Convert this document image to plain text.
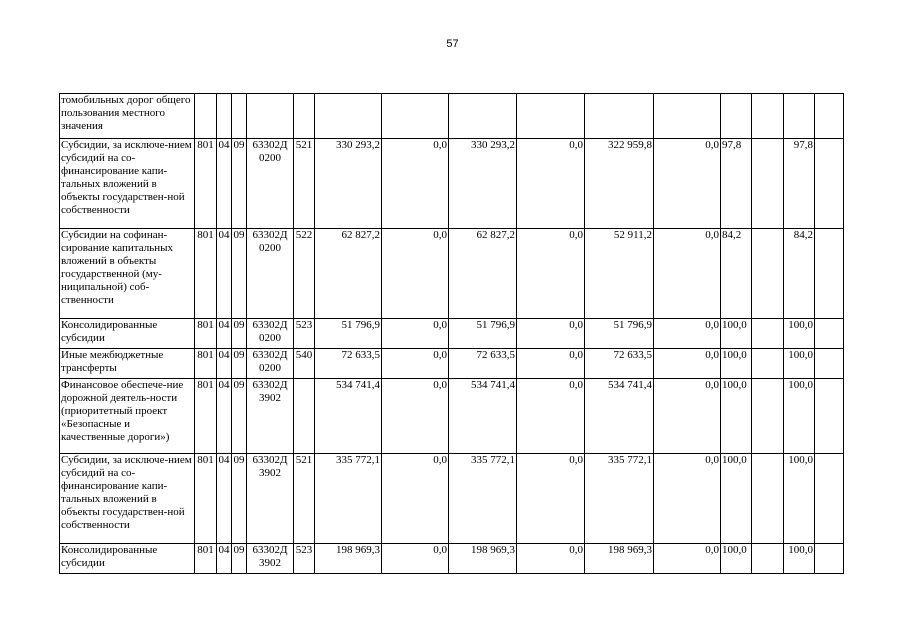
57
томобильных дорог общего пользования местного значения															
Субсидии, за исключе-нием субсидий на со-финансирование капи-тальных вложений в объекты государствен-ной собственности	801	04	09	63302Д 0200	521	330 293,2	0,0	330 293,2	0,0	322 959,8	0,0	97,8		97,8	
Субсидии на софинан-сирование капитальных вложений в объекты государственной (му-ниципальной) соб-ственности	801	04	09	63302Д 0200	522	62 827,2	0,0	62 827,2	0,0	52 911,2	0,0	84,2		84,2	
Консолидированные субсидии	801	04	09	63302Д 0200	523	51 796,9	0,0	51 796,9	0,0	51 796,9	0,0	100,0		100,0	
Иные межбюджетные трансферты	801	04	09	63302Д 0200	540	72 633,5	0,0	72 633,5	0,0	72 633,5	0,0	100,0		100,0	
Финансовое обеспече-ние дорожной деятель-ности (приоритетный проект «Безопасные и качественные дороги»)	801	04	09	63302Д 3902		534 741,4	0,0	534 741,4	0,0	534 741,4	0,0	100,0		100,0	
Субсидии, за исключе-нием субсидий на со-финансирование капи-тальных вложений в объекты государствен-ной собственности	801	04	09	63302Д 3902	521	335 772,1	0,0	335 772,1	0,0	335 772,1	0,0	100,0		100,0	
Консолидированные субсидии	801	04	09	63302Д 3902	523	198 969,3	0,0	198 969,3	0,0	198 969,3	0,0	100,0		100,0	
